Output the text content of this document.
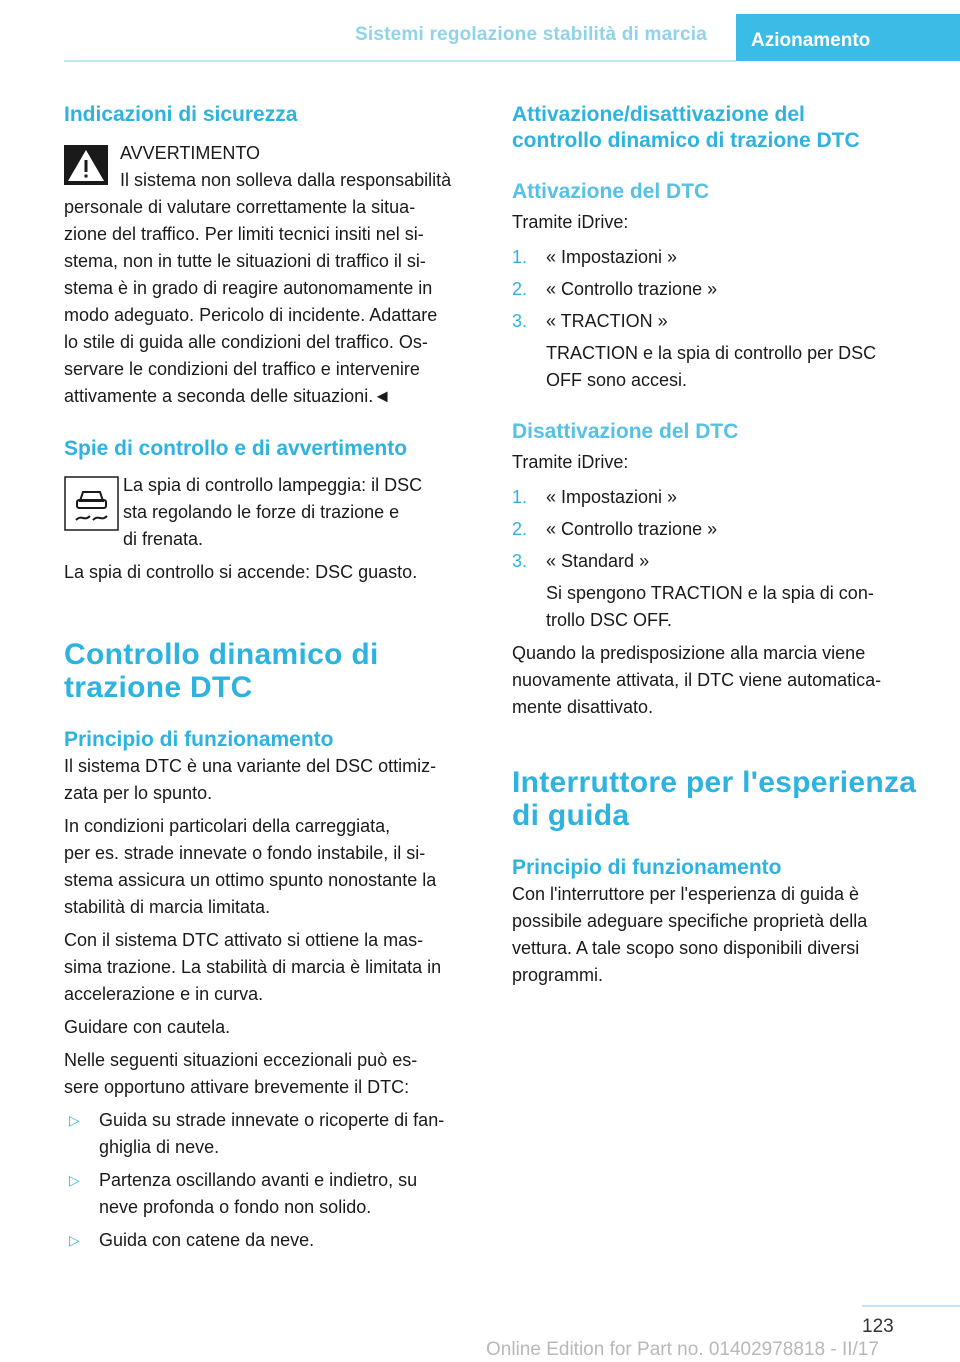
Sistemi regolazione stabilità di marcia	Azionamento
Indicazioni di sicurezza

AVVERTIMENTO

Il sistema non solleva dalla responsabilità

personale di valutare correttamente la situa-

zione del traffico. Per limiti tecnici insiti nel si-

stema, non in tutte le situazioni di traffico il si-

stema è in grado di reagire autonomamente in

modo adeguato. Pericolo di incidente. Adattare

lo stile di guida alle condizioni del traffico. Os-

servare le condizioni del traffico e intervenire

attivamente a seconda delle situazioni.◄

Spie di controllo e di avvertimento

La spia di controllo lampeggia: il DSC

sta regolando le forze di trazione e

di frenata.

La spia di controllo si accende: DSC guasto.

Controllo dinamico di
trazione DTC
Principio di funzionamento

Il sistema DTC è una variante del DSC ottimiz-

zata per lo spunto.

In condizioni particolari della carreggiata,

per es. strade innevate o fondo instabile, il si-

stema assicura un ottimo spunto nonostante la

stabilità di marcia limitata.

Con il sistema DTC attivato si ottiene la mas-

sima trazione. La stabilità di marcia è limitata in

accelerazione e in curva.

Guidare con cautela.

Nelle seguenti situazioni eccezionali può es-

sere opportuno attivare brevemente il DTC:

▷ Guida su strade innevate o ricoperte di fan-
ghiglia di neve.
▷ Partenza oscillando avanti e indietro, su
neve profonda o fondo non solido.
▷ Guida con catene da neve.
Attivazione/disattivazione del
controllo dinamico di trazione DTC
Attivazione del DTC

Tramite iDrive:

1. « Impostazioni »
2. « Controllo trazione »
3. « TRACTION »
TRACTION e la spia di controllo per DSC
OFF sono accesi.
Disattivazione del DTC

Tramite iDrive:

1. « Impostazioni »
2. « Controllo trazione »
3. « Standard »
Si spengono TRACTION e la spia di con-
trollo DSC OFF.

Quando la predisposizione alla marcia viene

nuovamente attivata, il DTC viene automatica-

mente disattivato.

Interruttore per l'esperienza
di guida
Principio di funzionamento

Con l'interruttore per l'esperienza di guida è

possibile adeguare specifiche proprietà della

vettura. A tale scopo sono disponibili diversi

programmi.

123
Online Edition for Part no. 01402978818 - II/17
